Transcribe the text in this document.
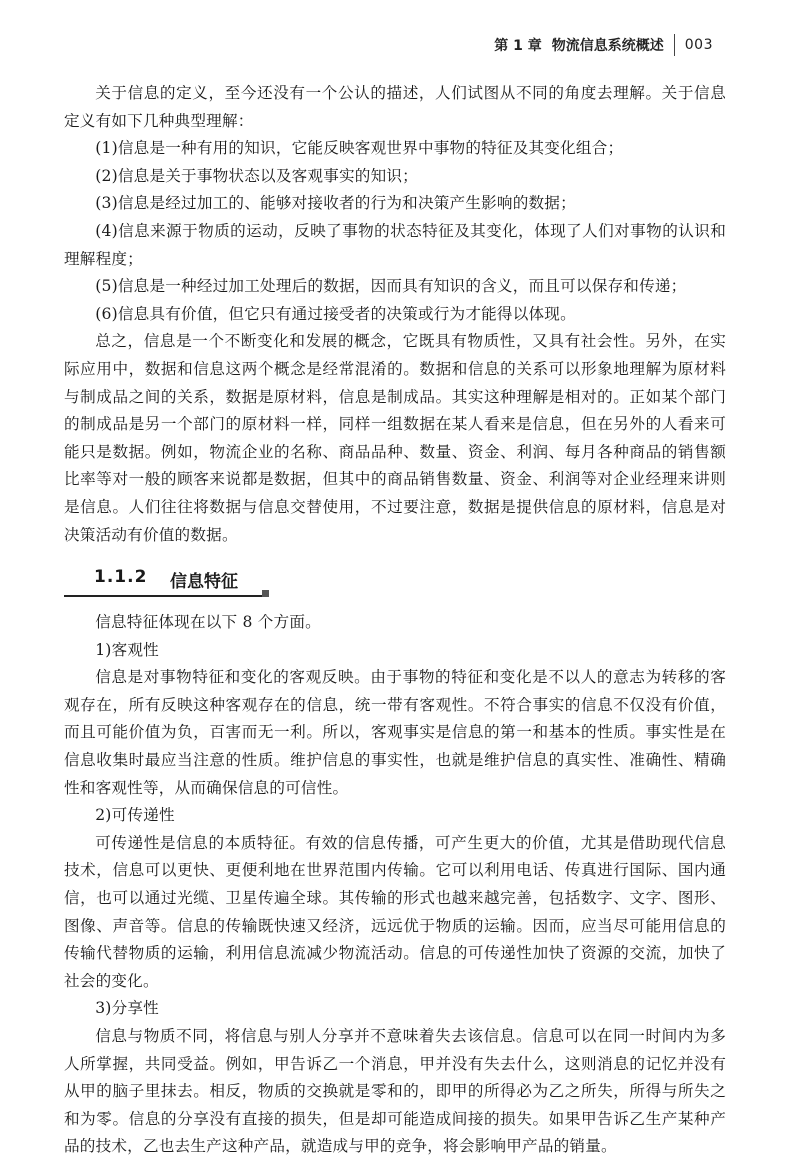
第 1 章 物流信息系统概述 003

关于信息的定义，至今还没有一个公认的描述，人们试图从不同的角度去理解。关于信息定义有如下几种典型理解：

(1)信息是一种有用的知识，它能反映客观世界中事物的特征及其变化组合；

(2)信息是关于事物状态以及客观事实的知识；

(3)信息是经过加工的、能够对接收者的行为和决策产生影响的数据；

(4)信息来源于物质的运动，反映了事物的状态特征及其变化，体现了人们对事物的认识和理解程度；

(5)信息是一种经过加工处理后的数据，因而具有知识的含义，而且可以保存和传递；

(6)信息具有价值，但它只有通过接受者的决策或行为才能得以体现。

总之，信息是一个不断变化和发展的概念，它既具有物质性，又具有社会性。另外，在实际应用中，数据和信息这两个概念是经常混淆的。数据和信息的关系可以形象地理解为原材料与制成品之间的关系，数据是原材料，信息是制成品。其实这种理解是相对的。正如某个部门的制成品是另一个部门的原材料一样，同样一组数据在某人看来是信息，但在另外的人看来可能只是数据。例如，物流企业的名称、商品品种、数量、资金、利润、每月各种商品的销售额比率等对一般的顾客来说都是数据，但其中的商品销售数量、资金、利润等对企业经理来讲则是信息。人们往往将数据与信息交替使用，不过要注意，数据是提供信息的原材料，信息是对决策活动有价值的数据。

1.1.2 信息特征

信息特征体现在以下 8 个方面。

1)客观性

信息是对事物特征和变化的客观反映。由于事物的特征和变化是不以人的意志为转移的客观存在，所有反映这种客观存在的信息，统一带有客观性。不符合事实的信息不仅没有价值，而且可能价值为负，百害而无一利。所以，客观事实是信息的第一和基本的性质。事实性是在信息收集时最应当注意的性质。维护信息的事实性，也就是维护信息的真实性、准确性、精确性和客观性等，从而确保信息的可信性。

2)可传递性

可传递性是信息的本质特征。有效的信息传播，可产生更大的价值，尤其是借助现代信息技术，信息可以更快、更便利地在世界范围内传输。它可以利用电话、传真进行国际、国内通信，也可以通过光缆、卫星传遍全球。其传输的形式也越来越完善，包括数字、文字、图形、图像、声音等。信息的传输既快速又经济，远远优于物质的运输。因而，应当尽可能用信息的传输代替物质的运输，利用信息流减少物流活动。信息的可传递性加快了资源的交流，加快了社会的变化。

3)分享性

信息与物质不同，将信息与别人分享并不意味着失去该信息。信息可以在同一时间内为多人所掌握，共同受益。例如，甲告诉乙一个消息，甲并没有失去什么，这则消息的记忆并没有从甲的脑子里抹去。相反，物质的交换就是零和的，即甲的所得必为乙之所失，所得与所失之和为零。信息的分享没有直接的损失，但是却可能造成间接的损失。如果甲告诉乙生产某种产品的技术，乙也去生产这种产品，就造成与甲的竞争，将会影响甲产品的销量。
